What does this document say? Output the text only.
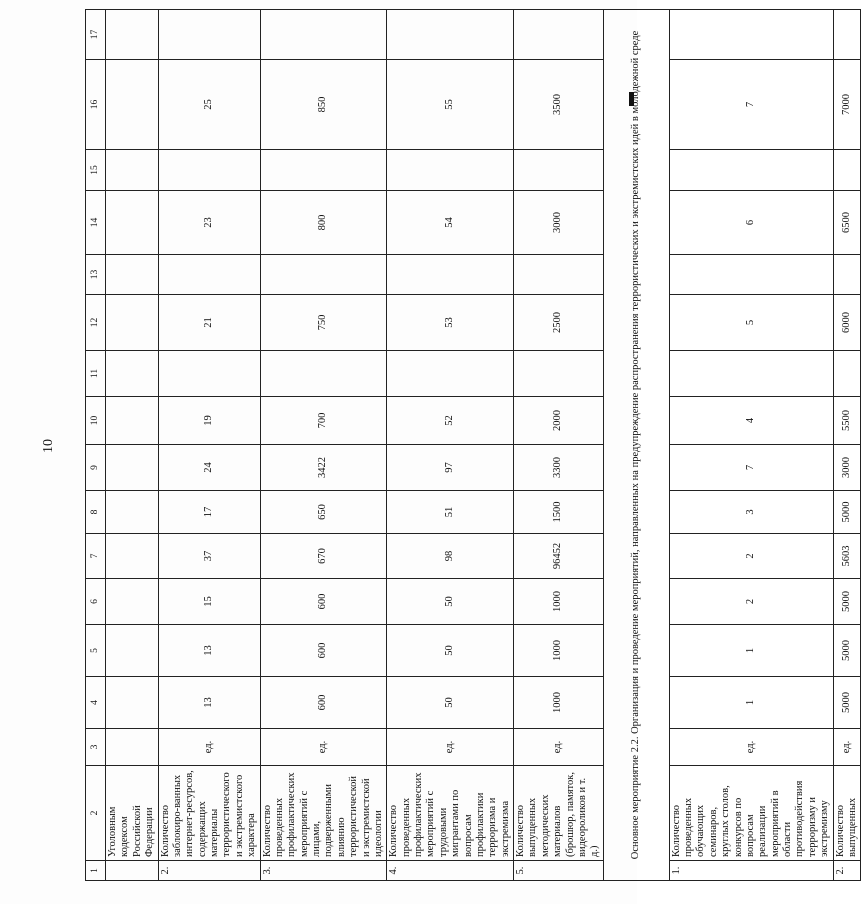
10
1	2	3	4	5	6	7	8	9	10	11	12	13	14	15	16	17
	Уголовным кодексом Российской Федерации															
2.	Количество заблокиро-ванных интернет-ресурсов, содержащих материалы террористического и экстремистского характера	ед.	13	13	15	37	17	24	19		21		23		25	
3.	Количество проведенных профилактических мероприятий с лицами, подверженными влиянию террористической и экстремистской идеологии	ед.	600	600	600	670	650	3422	700		750		800		850	
4.	Количество проведенных профилактических мероприятий с трудовыми мигрантами по вопросам профилактики терроризма и экстремизма	ед.	50	50	50	98	51	97	52		53		54		55	
5.	Количество выпущенных методических материалов (брошюр, памяток, видеороликов и т. д.)	ед.	1000	1000	1000	96452	1500	3300	2000		2500		3000		3500	
Основное мероприятие 2.2. Организация и проведение мероприятий, направленных на предупреждение распространения террористических и экстремистских идей в молодежной среде																
1.	Количество проведенных обучающих семинаров, круглых столов, конкурсов по вопросам реализации мероприятий в области противодействия терроризму и экстремизму	ед.	1	1	2	2	3	7	4		5		6		7	
2.	Количество выпущенных	ед.	5000	5000	5000	5603	5000	3000	5500		6000		6500		7000	
